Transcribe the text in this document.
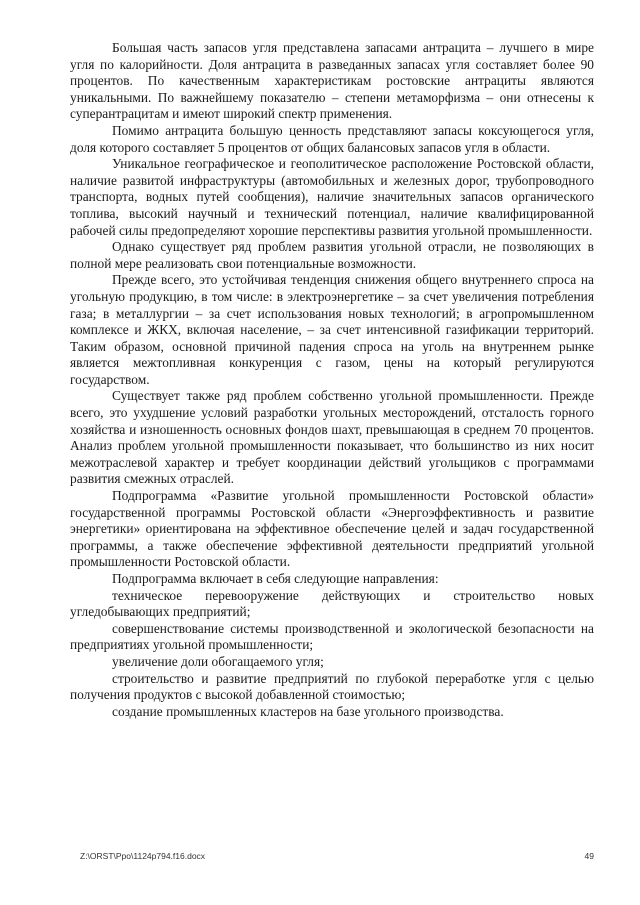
Большая часть запасов угля представлена запасами антрацита – лучшего в мире угля по калорийности. Доля антрацита в разведанных запасах угля составляет более 90 процентов. По качественным характеристикам ростовские антрациты являются уникальными. По важнейшему показателю – степени метаморфизма – они отнесены к суперантрацитам и имеют широкий спектр применения.

Помимо антрацита большую ценность представляют запасы коксующегося угля, доля которого составляет 5 процентов от общих балансовых запасов угля в области.

Уникальное географическое и геополитическое расположение Ростовской области, наличие развитой инфраструктуры (автомобильных и железных дорог, трубопроводного транспорта, водных путей сообщения), наличие значительных запасов органического топлива, высокий научный и технический потенциал, наличие квалифицированной рабочей силы предопределяют хорошие перспективы развития угольной промышленности.

Однако существует ряд проблем развития угольной отрасли, не позволяющих в полной мере реализовать свои потенциальные возможности.

Прежде всего, это устойчивая тенденция снижения общего внутреннего спроса на угольную продукцию, в том числе: в электроэнергетике – за счет увеличения потребления газа; в металлургии – за счет использования новых технологий; в агропромышленном комплексе и ЖКХ, включая население, – за счет интенсивной газификации территорий. Таким образом, основной причиной падения спроса на уголь на внутреннем рынке является межтопливная конкуренция с газом, цены на который регулируются государством.

Существует также ряд проблем собственно угольной промышленности. Прежде всего, это ухудшение условий разработки угольных месторождений, отсталость горного хозяйства и изношенность основных фондов шахт, превышающая в среднем 70 процентов. Анализ проблем угольной промышленности показывает, что большинство из них носит межотраслевой характер и требует координации действий угольщиков с программами развития смежных отраслей.

Подпрограмма «Развитие угольной промышленности Ростовской области» государственной программы Ростовской области «Энергоэффективность и развитие энергетики» ориентирована на эффективное обеспечение целей и задач государственной программы, а также обеспечение эффективной деятельности предприятий угольной промышленности Ростовской области.

Подпрограмма включает в себя следующие направления:

техническое перевооружение действующих и строительство новых угледобывающих предприятий;

совершенствование системы производственной и экологической безопасности на предприятиях угольной промышленности;

увеличение доли обогащаемого угля;

строительство и развитие предприятий по глубокой переработке угля с целью получения продуктов с высокой добавленной стоимостью;

создание промышленных кластеров на базе угольного производства.

Z:\ORST\Ppo\1124p794.f16.docx	49
